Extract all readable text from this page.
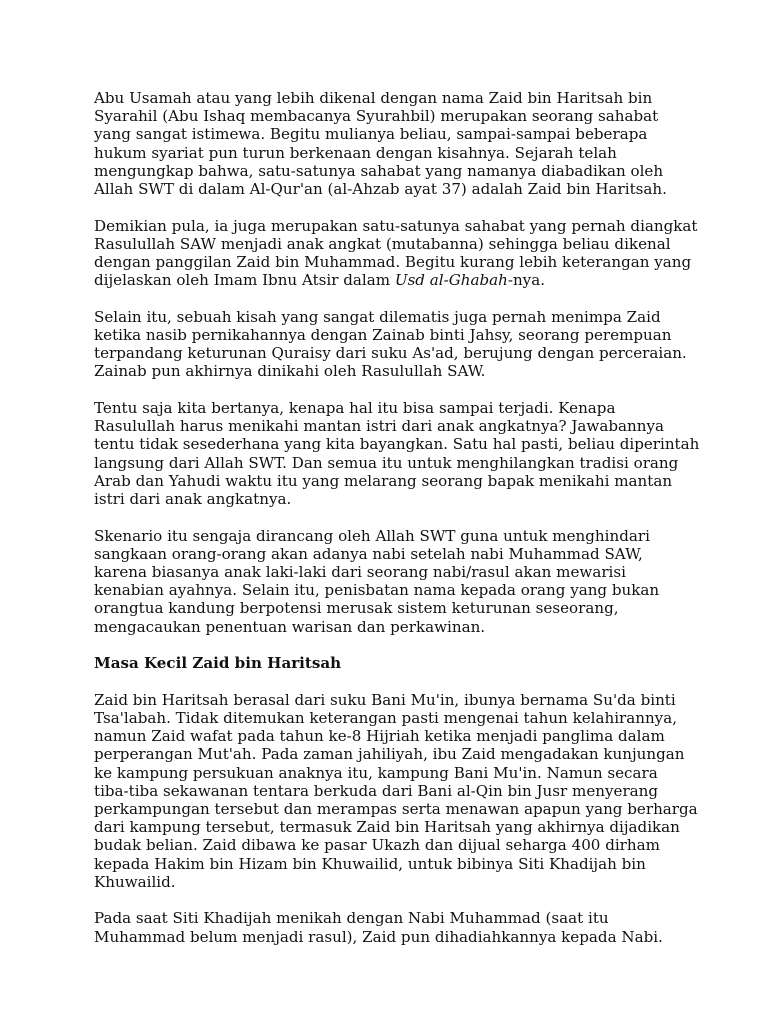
Abu Usamah atau yang lebih dikenal dengan nama Zaid bin Haritsah bin
Syarahil (Abu Ishaq membacanya Syurahbil) merupakan seorang sahabat
yang sangat istimewa. Begitu mulianya beliau, sampai-sampai beberapa
hukum syariat pun turun berkenaan dengan kisahnya. Sejarah telah
mengungkap bahwa, satu-satunya sahabat yang namanya diabadikan oleh
Allah SWT di dalam Al-Qur'an (al-Ahzab ayat 37) adalah Zaid bin Haritsah.

Demikian pula, ia juga merupakan satu-satunya sahabat yang pernah diangkat
Rasulullah SAW menjadi anak angkat (mutabanna) sehingga beliau dikenal
dengan panggilan Zaid bin Muhammad. Begitu kurang lebih keterangan yang
dijelaskan oleh Imam Ibnu Atsir dalam Usd al-Ghabah-nya.

Selain itu, sebuah kisah yang sangat dilematis juga pernah menimpa Zaid
ketika nasib pernikahannya dengan Zainab binti Jahsy, seorang perempuan
terpandang keturunan Quraisy dari suku As'ad, berujung dengan perceraian.
Zainab pun akhirnya dinikahi oleh Rasulullah SAW.

Tentu saja kita bertanya, kenapa hal itu bisa sampai terjadi. Kenapa
Rasulullah harus menikahi mantan istri dari anak angkatnya? Jawabannya
tentu tidak sesederhana yang kita bayangkan. Satu hal pasti, beliau diperintah
langsung dari Allah SWT. Dan semua itu untuk menghilangkan tradisi orang
Arab dan Yahudi waktu itu yang melarang seorang bapak menikahi mantan
istri dari anak angkatnya.

Skenario itu sengaja dirancang oleh Allah SWT guna untuk menghindari
sangkaan orang-orang akan adanya nabi setelah nabi Muhammad SAW,
karena biasanya anak laki-laki dari seorang nabi/rasul akan mewarisi
kenabian ayahnya. Selain itu, penisbatan nama kepada orang yang bukan
orangtua kandung berpotensi merusak sistem keturunan seseorang,
mengacaukan penentuan warisan dan perkawinan.

Masa Kecil Zaid bin Haritsah

Zaid bin Haritsah berasal dari suku Bani Mu'in, ibunya bernama Su'da binti
Tsa'labah. Tidak ditemukan keterangan pasti mengenai tahun kelahirannya,
namun Zaid wafat pada tahun ke-8 Hijriah ketika menjadi panglima dalam
perperangan Mut'ah. Pada zaman jahiliyah, ibu Zaid mengadakan kunjungan
ke kampung persukuan anaknya itu, kampung Bani Mu'in. Namun secara
tiba-tiba sekawanan tentara berkuda dari Bani al-Qin bin Jusr menyerang
perkampungan tersebut dan merampas serta menawan apapun yang berharga
dari kampung tersebut, termasuk Zaid bin Haritsah yang akhirnya dijadikan
budak belian. Zaid dibawa ke pasar Ukazh dan dijual seharga 400 dirham
kepada Hakim bin Hizam bin Khuwailid, untuk bibinya Siti Khadijah bin
Khuwailid.

Pada saat Siti Khadijah menikah dengan Nabi Muhammad (saat itu
Muhammad belum menjadi rasul), Zaid pun dihadiahkannya kepada Nabi.
